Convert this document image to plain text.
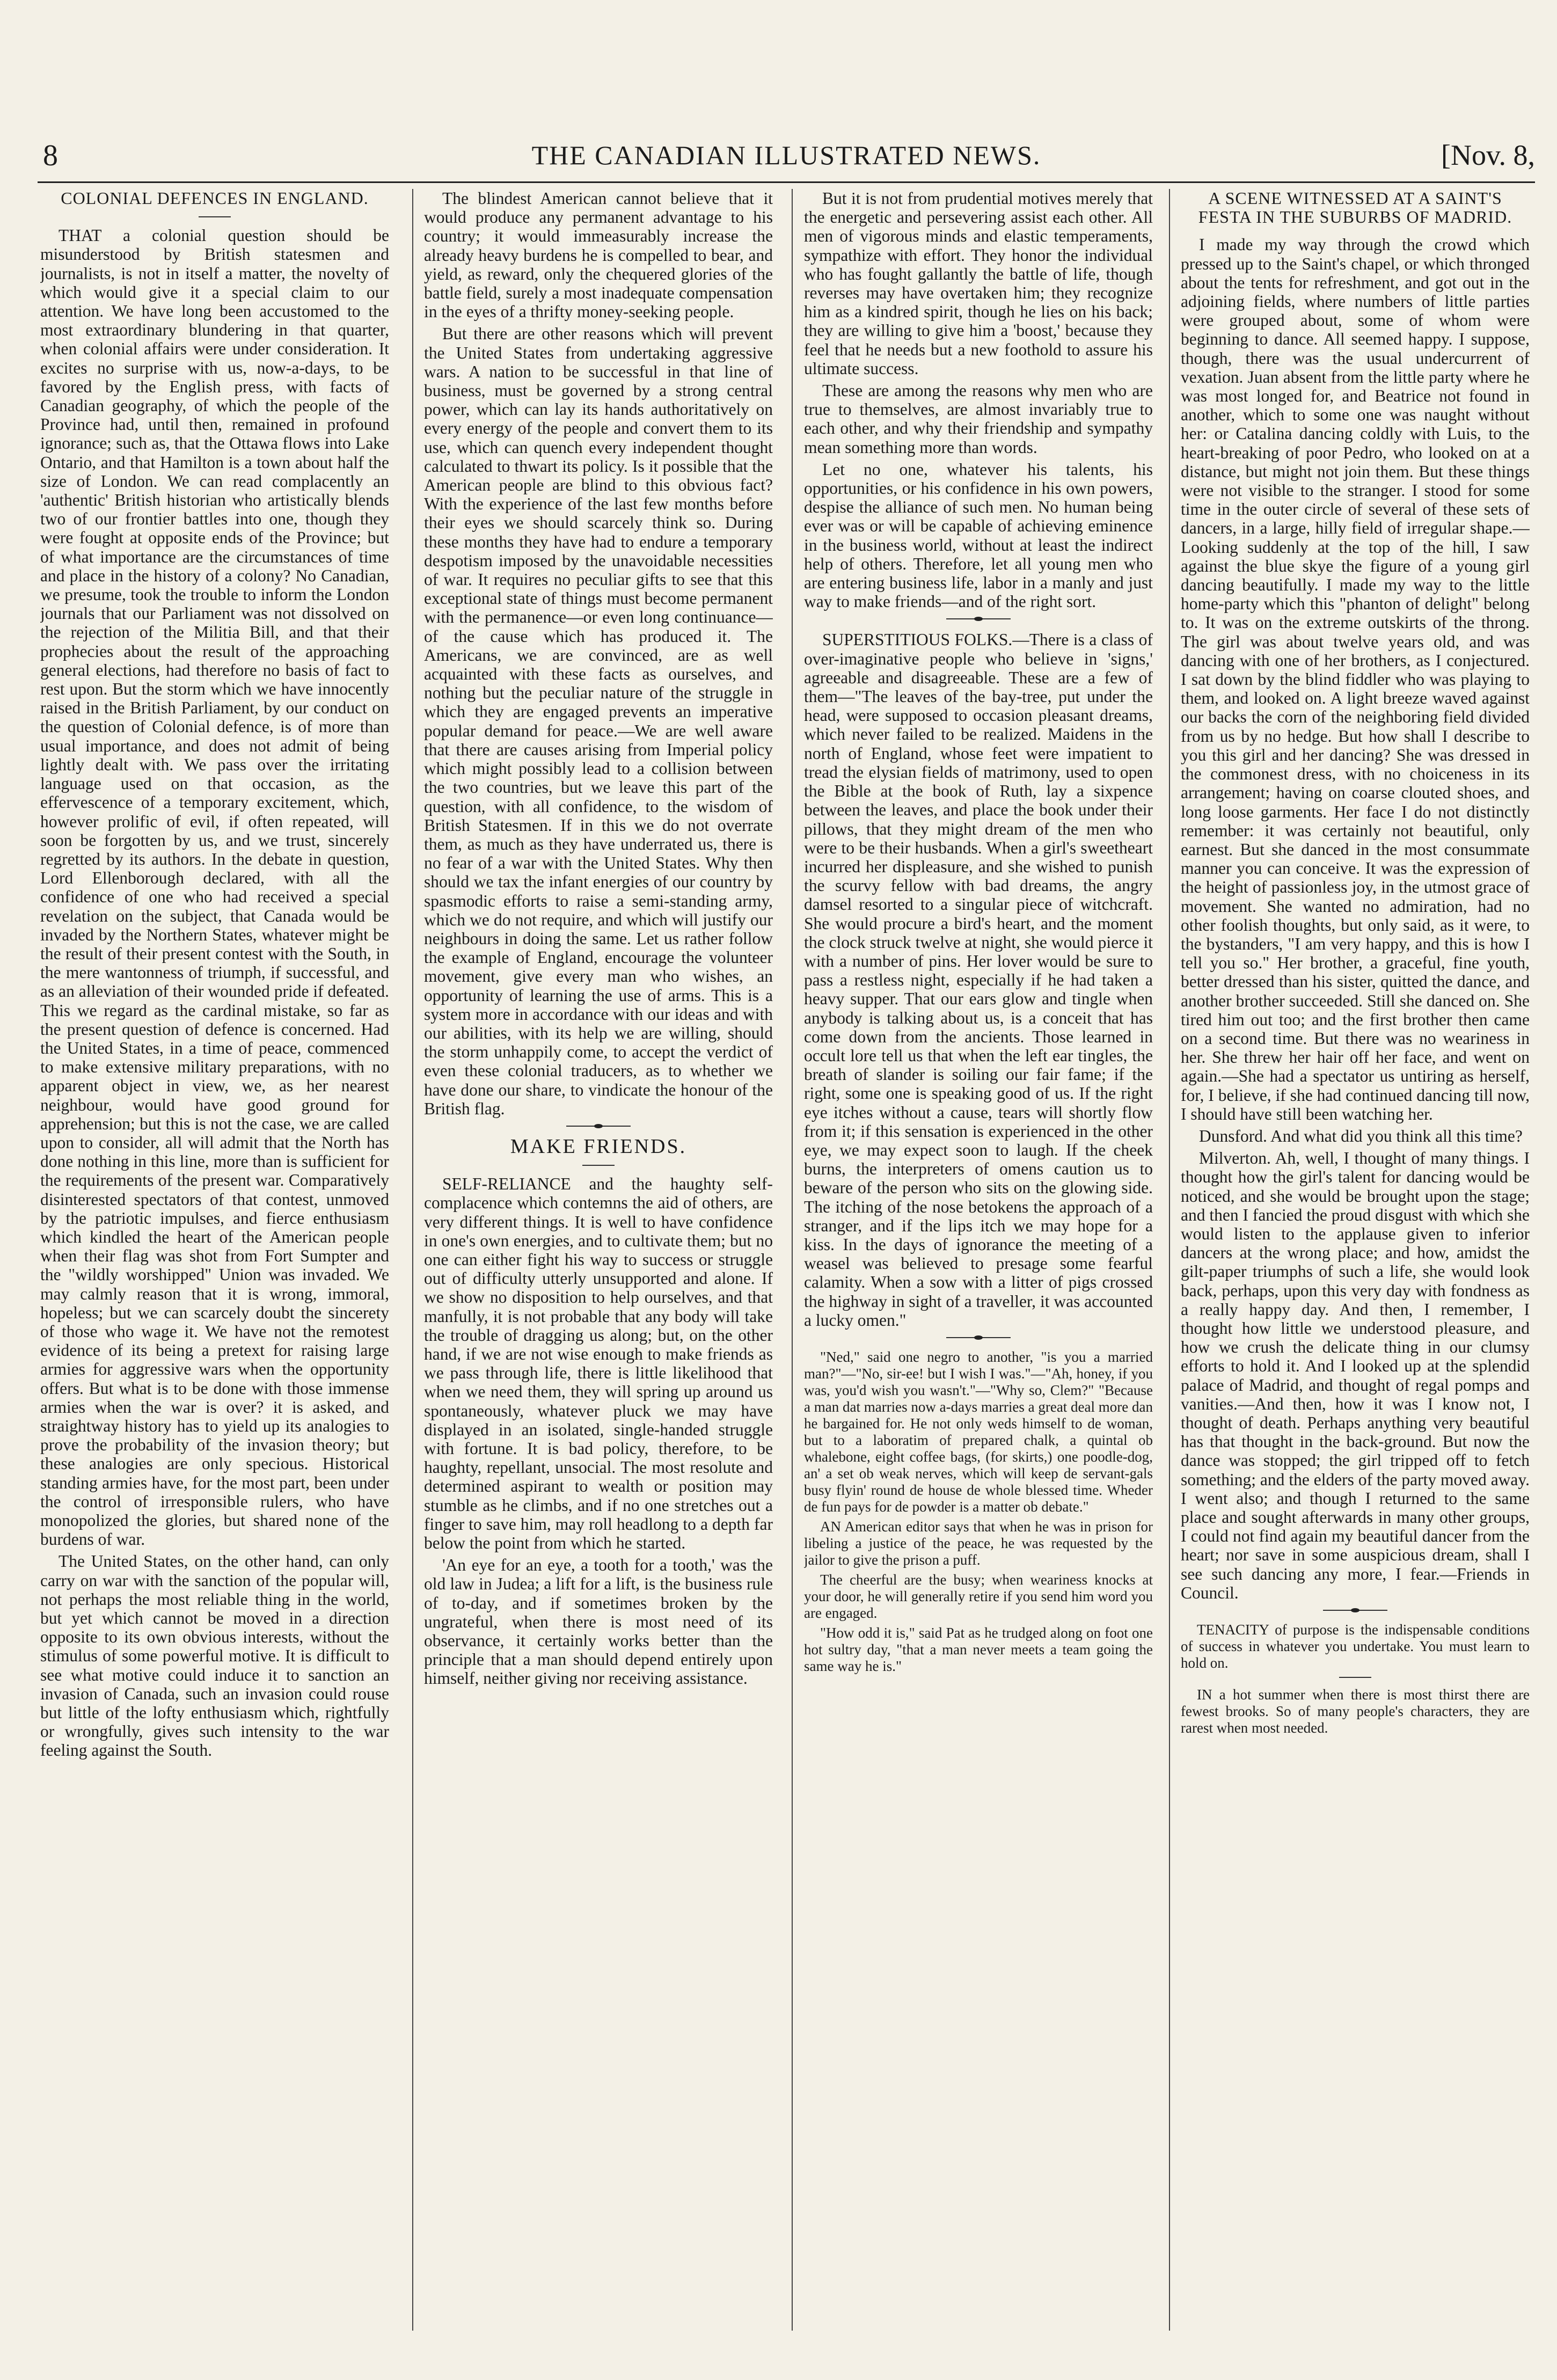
8	THE CANADIAN ILLUSTRATED NEWS.	[Nov. 8,
COLONIAL DEFENCES IN ENGLAND.

THAT a colonial question should be misunderstood by British statesmen and journalists, is not in itself a matter, the novelty of which would give it a special claim to our attention. We have long been accustomed to the most extraordinary blundering in that quarter, when colonial affairs were under consideration. It excites no surprise with us, now-a-days, to be favored by the English press, with facts of Canadian geography, of which the people of the Province had, until then, remained in profound ignorance; such as, that the Ottawa flows into Lake Ontario, and that Hamilton is a town about half the size of London. We can read complacently an 'authentic' British historian who artistically blends two of our frontier battles into one, though they were fought at opposite ends of the Province; but of what importance are the circumstances of time and place in the history of a colony? No Canadian, we presume, took the trouble to inform the London journals that our Parliament was not dissolved on the rejection of the Militia Bill, and that their prophecies about the result of the approaching general elections, had therefore no basis of fact to rest upon. But the storm which we have innocently raised in the British Parliament, by our conduct on the question of Colonial defence, is of more than usual importance, and does not admit of being lightly dealt with. We pass over the irritating language used on that occasion, as the effervescence of a temporary excitement, which, however prolific of evil, if often repeated, will soon be forgotten by us, and we trust, sincerely regretted by its authors. In the debate in question, Lord Ellenborough declared, with all the confidence of one who had received a special revelation on the subject, that Canada would be invaded by the Northern States, whatever might be the result of their present contest with the South, in the mere wantonness of triumph, if successful, and as an alleviation of their wounded pride if defeated. This we regard as the cardinal mistake, so far as the present question of defence is concerned. Had the United States, in a time of peace, commenced to make extensive military preparations, with no apparent object in view, we, as her nearest neighbour, would have good ground for apprehension; but this is not the case, we are called upon to consider, all will admit that the North has done nothing in this line, more than is sufficient for the requirements of the present war. Comparatively disinterested spectators of that contest, unmoved by the patriotic impulses, and fierce enthusiasm which kindled the heart of the American people when their flag was shot from Fort Sumpter and the "wildly worshipped" Union was invaded. We may calmly reason that it is wrong, immoral, hopeless; but we can scarcely doubt the sincerety of those who wage it. We have not the remotest evidence of its being a pretext for raising large armies for aggressive wars when the opportunity offers. But what is to be done with those immense armies when the war is over? it is asked, and straightway history has to yield up its analogies to prove the probability of the invasion theory; but these analogies are only specious. Historical standing armies have, for the most part, been under the control of irresponsible rulers, who have monopolized the glories, but shared none of the burdens of war.

The United States, on the other hand, can only carry on war with the sanction of the popular will, not perhaps the most reliable thing in the world, but yet which cannot be moved in a direction opposite to its own obvious interests, without the stimulus of some powerful motive. It is difficult to see what motive could induce it to sanction an invasion of Canada, such an invasion could rouse but little of the lofty enthusiasm which, rightfully or wrongfully, gives such intensity to the war feeling against the South.

The blindest American cannot believe that it would produce any permanent advantage to his country; it would immeasurably increase the already heavy burdens he is compelled to bear, and yield, as reward, only the chequered glories of the battle field, surely a most inadequate compensation in the eyes of a thrifty money-seeking people.

But there are other reasons which will prevent the United States from undertaking aggressive wars. A nation to be successful in that line of business, must be governed by a strong central power, which can lay its hands authoritatively on every energy of the people and convert them to its use, which can quench every independent thought calculated to thwart its policy. Is it possible that the American people are blind to this obvious fact? With the experience of the last few months before their eyes we should scarcely think so. During these months they have had to endure a temporary despotism imposed by the unavoidable necessities of war. It requires no peculiar gifts to see that this exceptional state of things must become permanent with the permanence—or even long continuance—of the cause which has produced it. The Americans, we are convinced, are as well acquainted with these facts as ourselves, and nothing but the peculiar nature of the struggle in which they are engaged prevents an imperative popular demand for peace.—We are well aware that there are causes arising from Imperial policy which might possibly lead to a collision between the two countries, but we leave this part of the question, with all confidence, to the wisdom of British Statesmen. If in this we do not overrate them, as much as they have underrated us, there is no fear of a war with the United States. Why then should we tax the infant energies of our country by spasmodic efforts to raise a semi-standing army, which we do not require, and which will justify our neighbours in doing the same. Let us rather follow the example of England, encourage the volunteer movement, give every man who wishes, an opportunity of learning the use of arms. This is a system more in accordance with our ideas and with our abilities, with its help we are willing, should the storm unhappily come, to accept the verdict of even these colonial traducers, as to whether we have done our share, to vindicate the honour of the British flag.

MAKE FRIENDS.

SELF-RELIANCE and the haughty self-complacence which contemns the aid of others, are very different things. It is well to have confidence in one's own energies, and to cultivate them; but no one can either fight his way to success or struggle out of difficulty utterly unsupported and alone. If we show no disposition to help ourselves, and that manfully, it is not probable that any body will take the trouble of dragging us along; but, on the other hand, if we are not wise enough to make friends as we pass through life, there is little likelihood that when we need them, they will spring up around us spontaneously, whatever pluck we may have displayed in an isolated, single-handed struggle with fortune. It is bad policy, therefore, to be haughty, repellant, unsocial. The most resolute and determined aspirant to wealth or position may stumble as he climbs, and if no one stretches out a finger to save him, may roll headlong to a depth far below the point from which he started.

'An eye for an eye, a tooth for a tooth,' was the old law in Judea; a lift for a lift, is the business rule of to-day, and if sometimes broken by the ungrateful, when there is most need of its observance, it certainly works better than the principle that a man should depend entirely upon himself, neither giving nor receiving assistance.

But it is not from prudential motives merely that the energetic and persevering assist each other. All men of vigorous minds and elastic temperaments, sympathize with effort. They honor the individual who has fought gallantly the battle of life, though reverses may have overtaken him; they recognize him as a kindred spirit, though he lies on his back; they are willing to give him a 'boost,' because they feel that he needs but a new foothold to assure his ultimate success.

These are among the reasons why men who are true to themselves, are almost invariably true to each other, and why their friendship and sympathy mean something more than words.

Let no one, whatever his talents, his opportunities, or his confidence in his own powers, despise the alliance of such men. No human being ever was or will be capable of achieving eminence in the business world, without at least the indirect help of others. Therefore, let all young men who are entering business life, labor in a manly and just way to make friends—and of the right sort.

SUPERSTITIOUS FOLKS.—There is a class of over-imaginative people who believe in 'signs,' agreeable and disagreeable. These are a few of them—"The leaves of the bay-tree, put under the head, were supposed to occasion pleasant dreams, which never failed to be realized. Maidens in the north of England, whose feet were impatient to tread the elysian fields of matrimony, used to open the Bible at the book of Ruth, lay a sixpence between the leaves, and place the book under their pillows, that they might dream of the men who were to be their husbands. When a girl's sweetheart incurred her displeasure, and she wished to punish the scurvy fellow with bad dreams, the angry damsel resorted to a singular piece of witchcraft. She would procure a bird's heart, and the moment the clock struck twelve at night, she would pierce it with a number of pins. Her lover would be sure to pass a restless night, especially if he had taken a heavy supper. That our ears glow and tingle when anybody is talking about us, is a conceit that has come down from the ancients. Those learned in occult lore tell us that when the left ear tingles, the breath of slander is soiling our fair fame; if the right, some one is speaking good of us. If the right eye itches without a cause, tears will shortly flow from it; if this sensation is experienced in the other eye, we may expect soon to laugh. If the cheek burns, the interpreters of omens caution us to beware of the person who sits on the glowing side. The itching of the nose betokens the approach of a stranger, and if the lips itch we may hope for a kiss. In the days of ignorance the meeting of a weasel was believed to presage some fearful calamity. When a sow with a litter of pigs crossed the highway in sight of a traveller, it was accounted a lucky omen."

"Ned," said one negro to another, "is you a married man?"—"No, sir-ee! but I wish I was."—"Ah, honey, if you was, you'd wish you wasn't."—"Why so, Clem?" "Because a man dat marries now a-days marries a great deal more dan he bargained for. He not only weds himself to de woman, but to a laboratim of prepared chalk, a quintal ob whalebone, eight coffee bags, (for skirts,) one poodle-dog, an' a set ob weak nerves, which will keep de servant-gals busy flyin' round de house de whole blessed time. Wheder de fun pays for de powder is a matter ob debate."

AN American editor says that when he was in prison for libeling a justice of the peace, he was requested by the jailor to give the prison a puff.

The cheerful are the busy; when weariness knocks at your door, he will generally retire if you send him word you are engaged.

"How odd it is," said Pat as he trudged along on foot one hot sultry day, "that a man never meets a team going the same way he is."

A SCENE WITNESSED AT A SAINT'S FESTA IN THE SUBURBS OF MADRID.

I made my way through the crowd which pressed up to the Saint's chapel, or which thronged about the tents for refreshment, and got out in the adjoining fields, where numbers of little parties were grouped about, some of whom were beginning to dance. All seemed happy. I suppose, though, there was the usual undercurrent of vexation. Juan absent from the little party where he was most longed for, and Beatrice not found in another, which to some one was naught without her: or Catalina dancing coldly with Luis, to the heart-breaking of poor Pedro, who looked on at a distance, but might not join them. But these things were not visible to the stranger. I stood for some time in the outer circle of several of these sets of dancers, in a large, hilly field of irregular shape.—Looking suddenly at the top of the hill, I saw against the blue skye the figure of a young girl dancing beautifully. I made my way to the little home-party which this "phanton of delight" belong to. It was on the extreme outskirts of the throng. The girl was about twelve years old, and was dancing with one of her brothers, as I conjectured. I sat down by the blind fiddler who was playing to them, and looked on. A light breeze waved against our backs the corn of the neighboring field divided from us by no hedge. But how shall I describe to you this girl and her dancing? She was dressed in the commonest dress, with no choiceness in its arrangement; having on coarse clouted shoes, and long loose garments. Her face I do not distinctly remember: it was certainly not beautiful, only earnest. But she danced in the most consummate manner you can conceive. It was the expression of the height of passionless joy, in the utmost grace of movement. She wanted no admiration, had no other foolish thoughts, but only said, as it were, to the bystanders, "I am very happy, and this is how I tell you so." Her brother, a graceful, fine youth, better dressed than his sister, quitted the dance, and another brother succeeded. Still she danced on. She tired him out too; and the first brother then came on a second time. But there was no weariness in her. She threw her hair off her face, and went on again.—She had a spectator us untiring as herself, for, I believe, if she had continued dancing till now, I should have still been watching her.

Dunsford. And what did you think all this time?

Milverton. Ah, well, I thought of many things. I thought how the girl's talent for dancing would be noticed, and she would be brought upon the stage; and then I fancied the proud disgust with which she would listen to the applause given to inferior dancers at the wrong place; and how, amidst the gilt-paper triumphs of such a life, she would look back, perhaps, upon this very day with fondness as a really happy day. And then, I remember, I thought how little we understood pleasure, and how we crush the delicate thing in our clumsy efforts to hold it. And I looked up at the splendid palace of Madrid, and thought of regal pomps and vanities.—And then, how it was I know not, I thought of death. Perhaps anything very beautiful has that thought in the back-ground. But now the dance was stopped; the girl tripped off to fetch something; and the elders of the party moved away. I went also; and though I returned to the same place and sought afterwards in many other groups, I could not find again my beautiful dancer from the heart; nor save in some auspicious dream, shall I see such dancing any more, I fear.—Friends in Council.

TENACITY of purpose is the indispensable conditions of success in whatever you undertake. You must learn to hold on.

IN a hot summer when there is most thirst there are fewest brooks. So of many people's characters, they are rarest when most needed.
